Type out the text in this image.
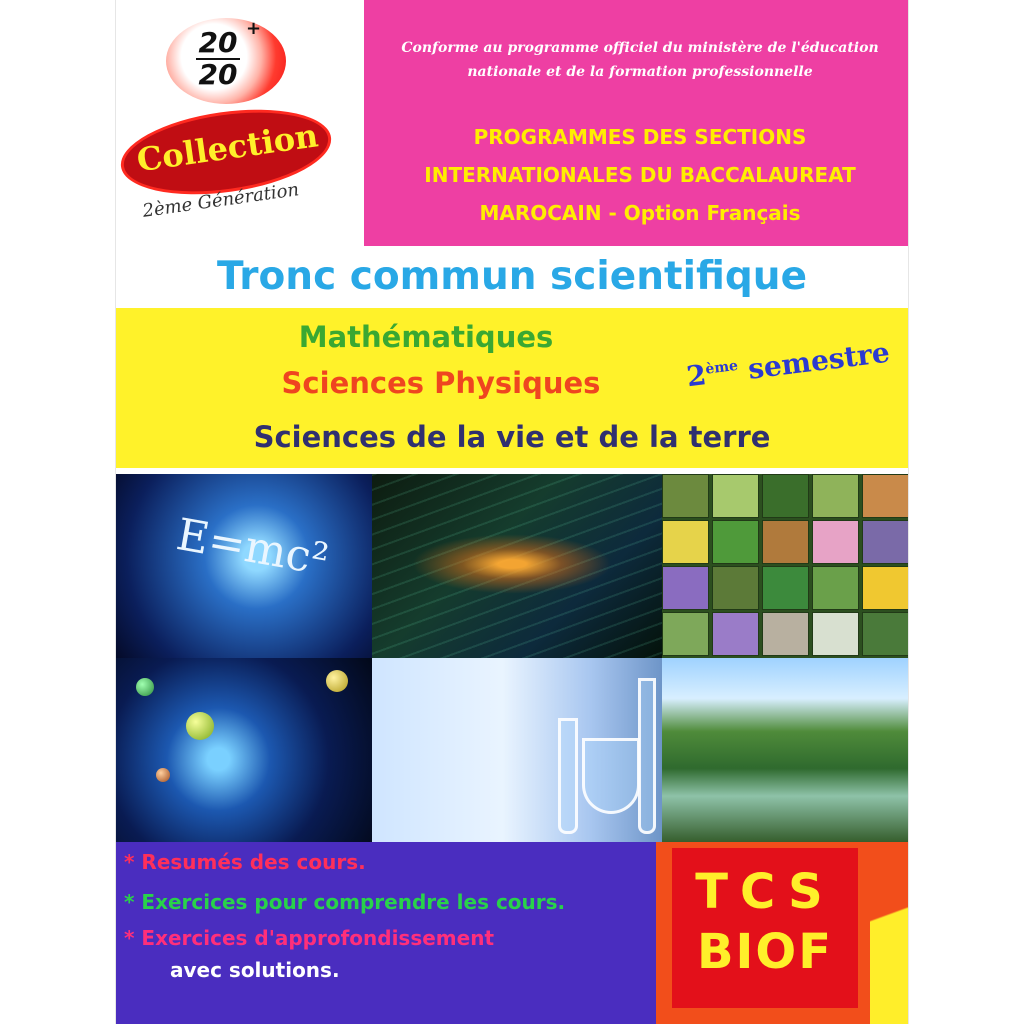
20
20
+
Collection
2ème Génération
Conforme au programme officiel du ministère de l'éducation
nationale et de la formation professionnelle
PROGRAMMES DES SECTIONS
INTERNATIONALES DU BACCALAUREAT
MAROCAIN - Option Français
Tronc commun scientifique
Mathématiques
Sciences Physiques
Sciences de la vie et de la terre
2ème semestre
E=mc²
* Resumés des cours.
* Exercices pour comprendre les cours.
* Exercices d'approfondissement
avec solutions.
TCS
BIOF
